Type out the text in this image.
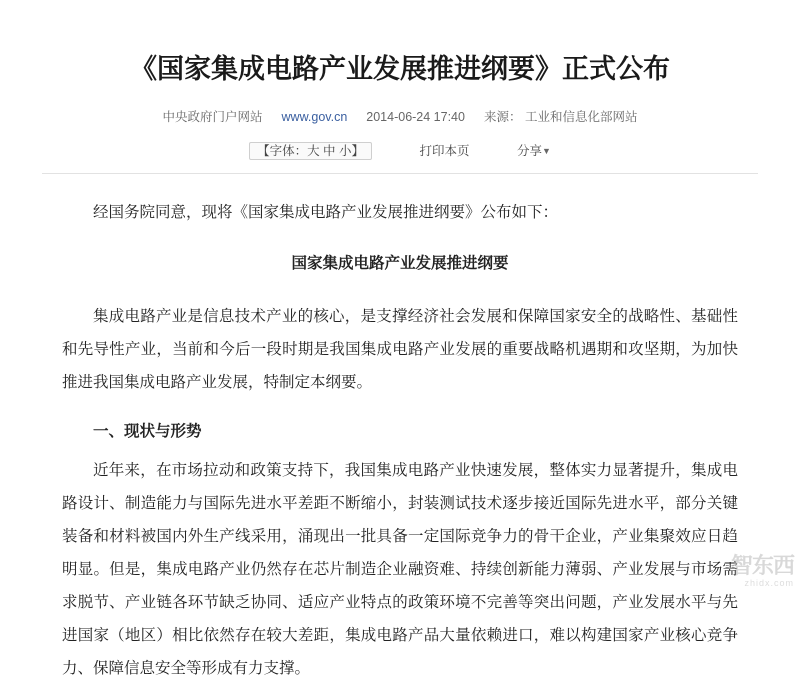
《国家集成电路产业发展推进纲要》正式公布
中央政府门户网站 www.gov.cn 2014-06-24 17:40 来源： 工业和信息化部网站
【字体：大 中 小】	打印本页	分享▼

经国务院同意，现将《国家集成电路产业发展推进纲要》公布如下：

国家集成电路产业发展推进纲要

集成电路产业是信息技术产业的核心，是支撑经济社会发展和保障国家安全的战略性、基础性和先导性产业，当前和今后一段时期是我国集成电路产业发展的重要战略机遇期和攻坚期，为加快推进我国集成电路产业发展，特制定本纲要。

一、现状与形势

近年来，在市场拉动和政策支持下，我国集成电路产业快速发展，整体实力显著提升，集成电路设计、制造能力与国际先进水平差距不断缩小，封装测试技术逐步接近国际先进水平，部分关键装备和材料被国内外生产线采用，涌现出一批具备一定国际竞争力的骨干企业，产业集聚效应日趋明显。但是，集成电路产业仍然存在芯片制造企业融资难、持续创新能力薄弱、产业发展与市场需求脱节、产业链各环节缺乏协同、适应产业特点的政策环境不完善等突出问题，产业发展水平与先进国家（地区）相比依然存在较大差距，集成电路产品大量依赖进口，难以构建国家产业核心竞争力、保障信息安全等形成有力支撑。

智东西
zhidx.com
